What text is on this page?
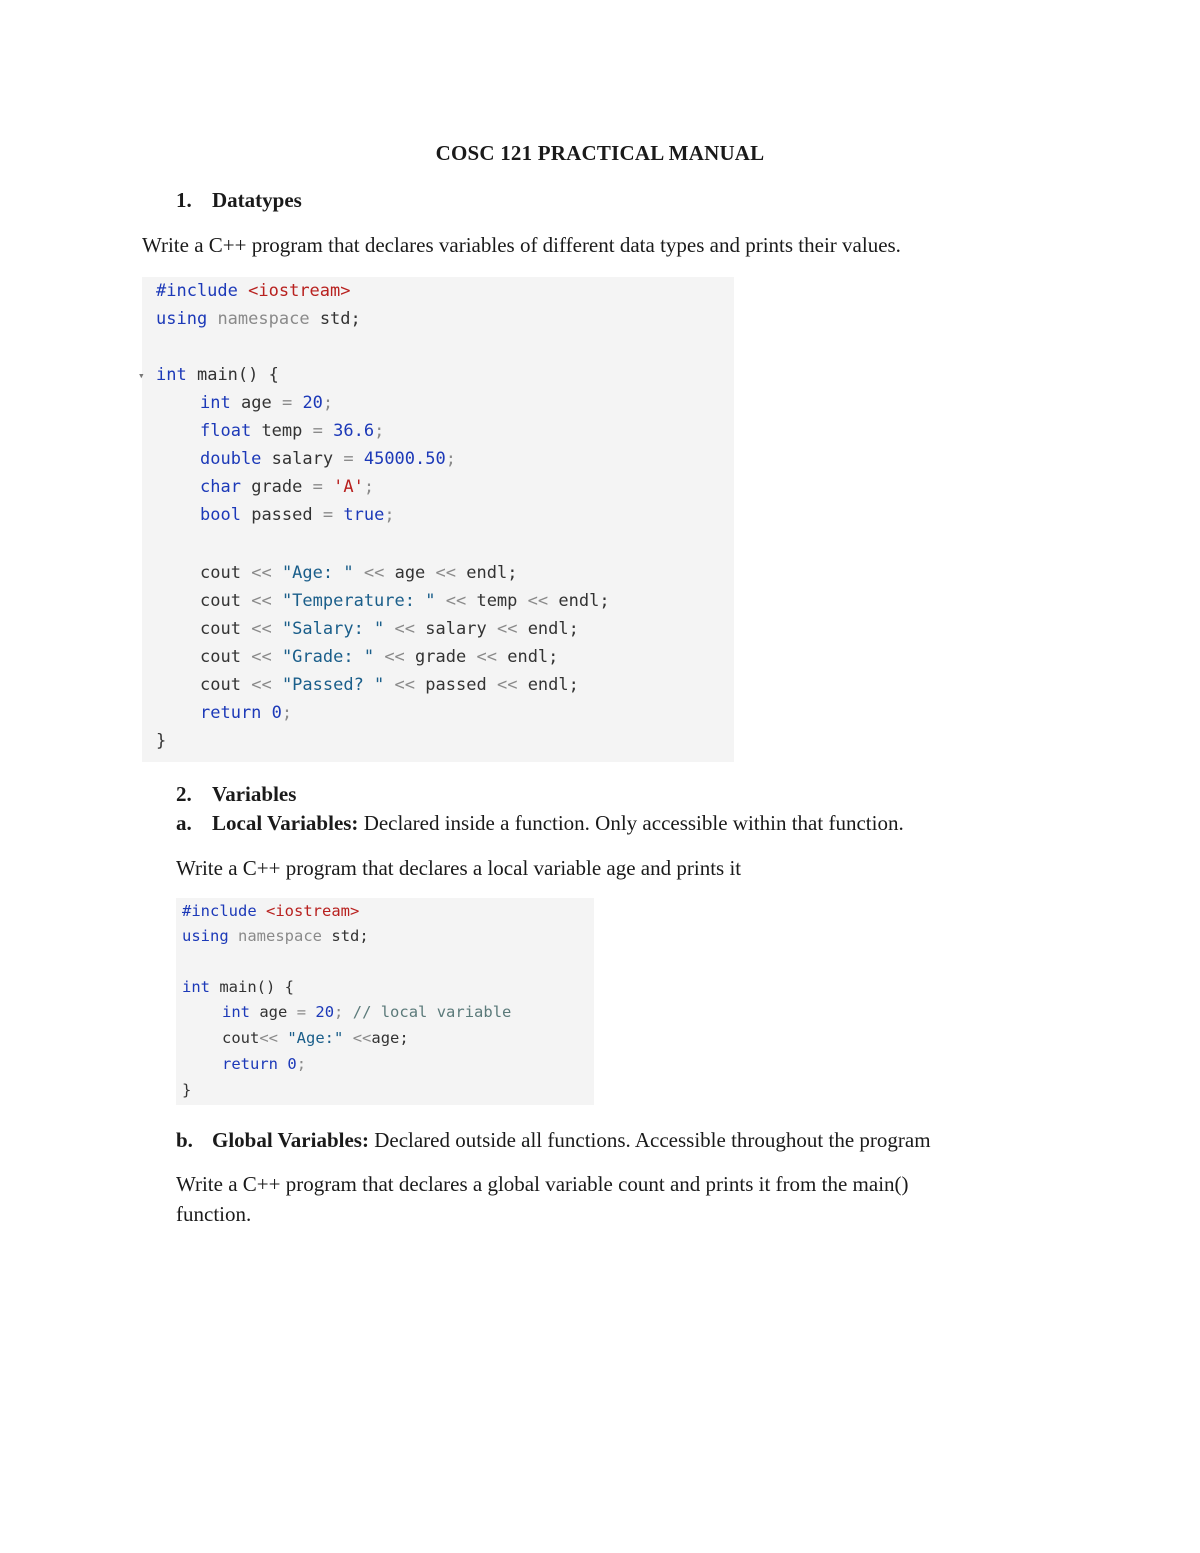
COSC 121 PRACTICAL MANUAL
1. Datatypes
Write a C++ program that declares variables of different data types and prints their values.

#include <iostream>

using namespace std;

▾

int main() {

int age = 20;
float temp = 36.6;
double salary = 45000.50;
char grade = 'A';
bool passed = true;

cout << "Age: " << age << endl;
cout << "Temperature: " << temp << endl;
cout << "Salary: " << salary << endl;
cout << "Grade: " << grade << endl;
cout << "Passed? " << passed << endl;

return 0;

}

2. Variables
a. Local Variables: Declared inside a function. Only accessible within that function.
Write a C++ program that declares a local variable age and prints it

#include <iostream>

using namespace std;

int main() {

int age = 20; // local variable

cout<< "Age:" <<age;

return 0;

}

b. Global Variables: Declared outside all functions. Accessible throughout the program
Write a C++ program that declares a global variable count and prints it from the main()
function.
